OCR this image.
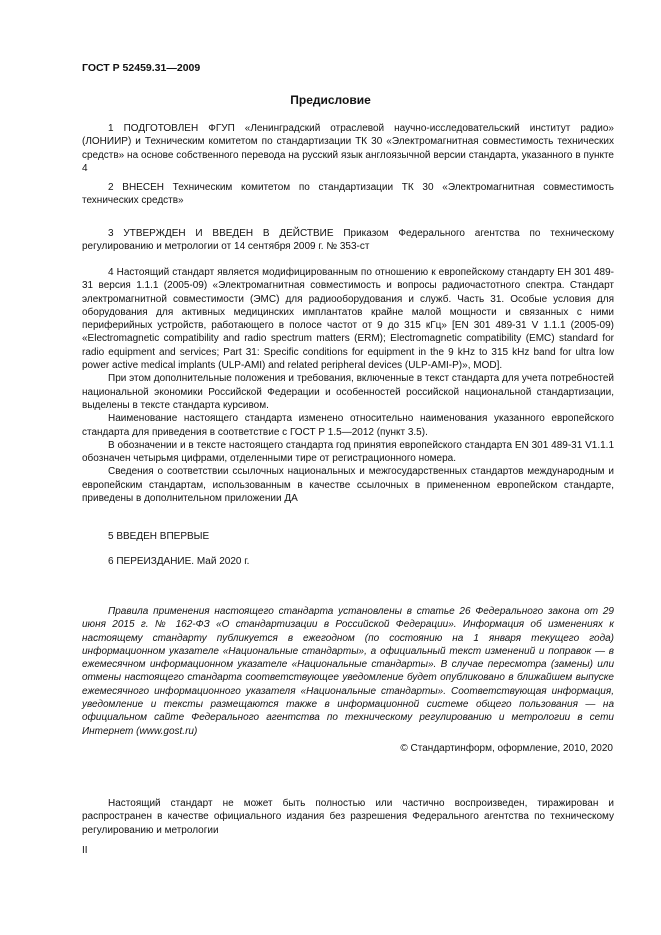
ГОСТ Р 52459.31—2009
Предисловие

1 ПОДГОТОВЛЕН ФГУП «Ленинградский отраслевой научно-исследовательский институт радио» (ЛОНИИР) и Техническим комитетом по стандартизации ТК 30 «Электромагнитная совместимость технических средств» на основе собственного перевода на русский язык англоязычной версии стандарта, указанного в пункте 4

2 ВНЕСЕН Техническим комитетом по стандартизации ТК 30 «Электромагнитная совместимость технических средств»

3 УТВЕРЖДЕН И ВВЕДЕН В ДЕЙСТВИЕ Приказом Федерального агентства по техническому регулированию и метрологии от 14 сентября 2009 г. № 353-ст

4 Настоящий стандарт является модифицированным по отношению к европейскому стандарту ЕН 301 489-31 версия 1.1.1 (2005-09) «Электромагнитная совместимость и вопросы радиочастотного спектра. Стандарт электромагнитной совместимости (ЭМС) для радиооборудования и служб. Часть 31. Особые условия для оборудования для активных медицинских имплантатов крайне малой мощности и связанных с ними периферийных устройств, работающего в полосе частот от 9 до 315 кГц» [EN 301 489-31 V 1.1.1 (2005-09) «Electromagnetic compatibility and radio spectrum matters (ERM); Electromagnetic compatibility (EMC) standard for radio equipment and services; Part 31: Specific conditions for equipment in the 9 kHz to 315 kHz band for ultra low power active medical implants (ULP-AMI) and related peripheral devices (ULP-AMI-P)», MOD].

При этом дополнительные положения и требования, включенные в текст стандарта для учета потребностей национальной экономики Российской Федерации и особенностей российской национальной стандартизации, выделены в тексте стандарта курсивом.

Наименование настоящего стандарта изменено относительно наименования указанного европейского стандарта для приведения в соответствие с ГОСТ Р 1.5—2012 (пункт 3.5).

В обозначении и в тексте настоящего стандарта год принятия европейского стандарта EN 301 489-31 V1.1.1 обозначен четырьмя цифрами, отделенными тире от регистрационного номера.

Сведения о соответствии ссылочных национальных и межгосударственных стандартов международным и европейским стандартам, использованным в качестве ссылочных в примененном европейском стандарте, приведены в дополнительном приложении ДА

5 ВВЕДЕН ВПЕРВЫЕ

6 ПЕРЕИЗДАНИЕ. Май 2020 г.

Правила применения настоящего стандарта установлены в статье 26 Федерального закона от 29 июня 2015 г. № 162-ФЗ «О стандартизации в Российской Федерации». Информация об изменениях к настоящему стандарту публикуется в ежегодном (по состоянию на 1 января текущего года) информационном указателе «Национальные стандарты», а официальный текст изменений и поправок — в ежемесячном информационном указателе «Национальные стандарты». В случае пересмотра (замены) или отмены настоящего стандарта соответствующее уведомление будет опубликовано в ближайшем выпуске ежемесячного информационного указателя «Национальные стандарты». Соответствующая информация, уведомление и тексты размещаются также в информационной системе общего пользования — на официальном сайте Федерального агентства по техническому регулированию и метрологии в сети Интернет (www.gost.ru)

© Стандартинформ, оформление, 2010, 2020

Настоящий стандарт не может быть полностью или частично воспроизведен, тиражирован и распространен в качестве официального издания без разрешения Федерального агентства по техническому регулированию и метрологии

II
